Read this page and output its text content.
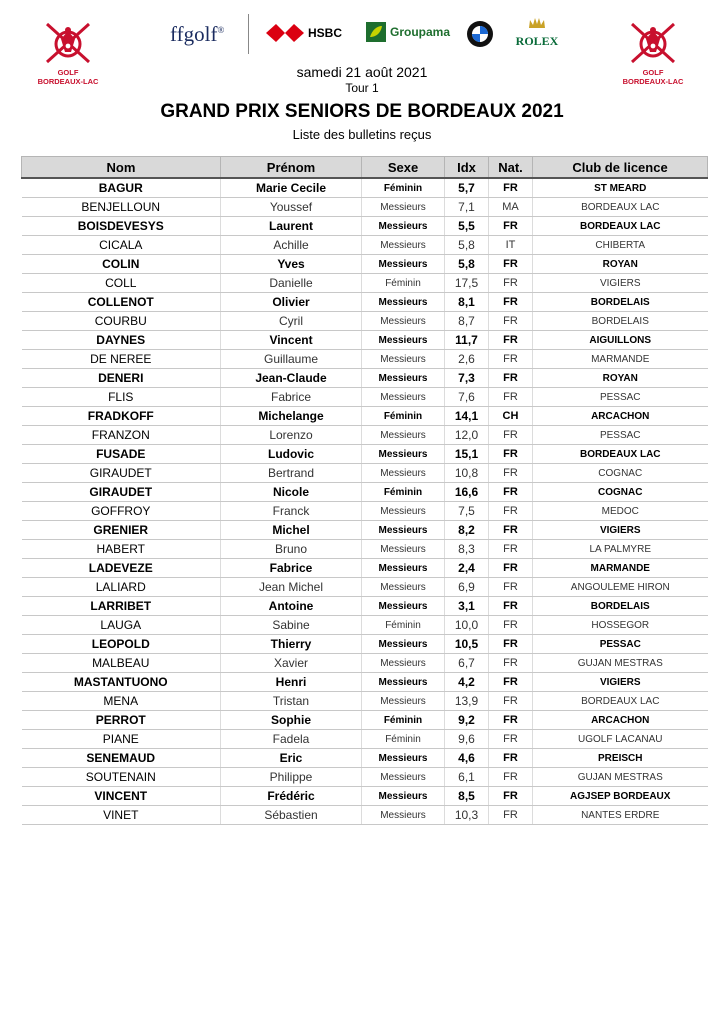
GOLF
BORDEAUX-LAC
GOLF
BORDEAUX-LAC
ffgolf®	HSBC	Groupama
ROLEX
samedi 21 août 2021
Tour 1
GRAND PRIX SENIORS DE BORDEAUX 2021
Liste des bulletins reçus
Nom	Prénom	Sexe	Idx	Nat.	Club de licence
BAGUR	Marie Cecile	Féminin	5,7	FR	ST MEARD
BENJELLOUN	Youssef	Messieurs	7,1	MA	BORDEAUX LAC
BOISDEVESYS	Laurent	Messieurs	5,5	FR	BORDEAUX LAC
CICALA	Achille	Messieurs	5,8	IT	CHIBERTA
COLIN	Yves	Messieurs	5,8	FR	ROYAN
COLL	Danielle	Féminin	17,5	FR	VIGIERS
COLLENOT	Olivier	Messieurs	8,1	FR	BORDELAIS
COURBU	Cyril	Messieurs	8,7	FR	BORDELAIS
DAYNES	Vincent	Messieurs	11,7	FR	AIGUILLONS
DE NEREE	Guillaume	Messieurs	2,6	FR	MARMANDE
DENERI	Jean-Claude	Messieurs	7,3	FR	ROYAN
FLIS	Fabrice	Messieurs	7,6	FR	PESSAC
FRADKOFF	Michelange	Féminin	14,1	CH	ARCACHON
FRANZON	Lorenzo	Messieurs	12,0	FR	PESSAC
FUSADE	Ludovic	Messieurs	15,1	FR	BORDEAUX LAC
GIRAUDET	Bertrand	Messieurs	10,8	FR	COGNAC
GIRAUDET	Nicole	Féminin	16,6	FR	COGNAC
GOFFROY	Franck	Messieurs	7,5	FR	MEDOC
GRENIER	Michel	Messieurs	8,2	FR	VIGIERS
HABERT	Bruno	Messieurs	8,3	FR	LA PALMYRE
LADEVEZE	Fabrice	Messieurs	2,4	FR	MARMANDE
LALIARD	Jean Michel	Messieurs	6,9	FR	ANGOULEME HIRON
LARRIBET	Antoine	Messieurs	3,1	FR	BORDELAIS
LAUGA	Sabine	Féminin	10,0	FR	HOSSEGOR
LEOPOLD	Thierry	Messieurs	10,5	FR	PESSAC
MALBEAU	Xavier	Messieurs	6,7	FR	GUJAN MESTRAS
MASTANTUONO	Henri	Messieurs	4,2	FR	VIGIERS
MENA	Tristan	Messieurs	13,9	FR	BORDEAUX LAC
PERROT	Sophie	Féminin	9,2	FR	ARCACHON
PIANE	Fadela	Féminin	9,6	FR	UGOLF LACANAU
SENEMAUD	Eric	Messieurs	4,6	FR	PREISCH
SOUTENAIN	Philippe	Messieurs	6,1	FR	GUJAN MESTRAS
VINCENT	Frédéric	Messieurs	8,5	FR	AGJSEP BORDEAUX
VINET	Sébastien	Messieurs	10,3	FR	NANTES ERDRE
